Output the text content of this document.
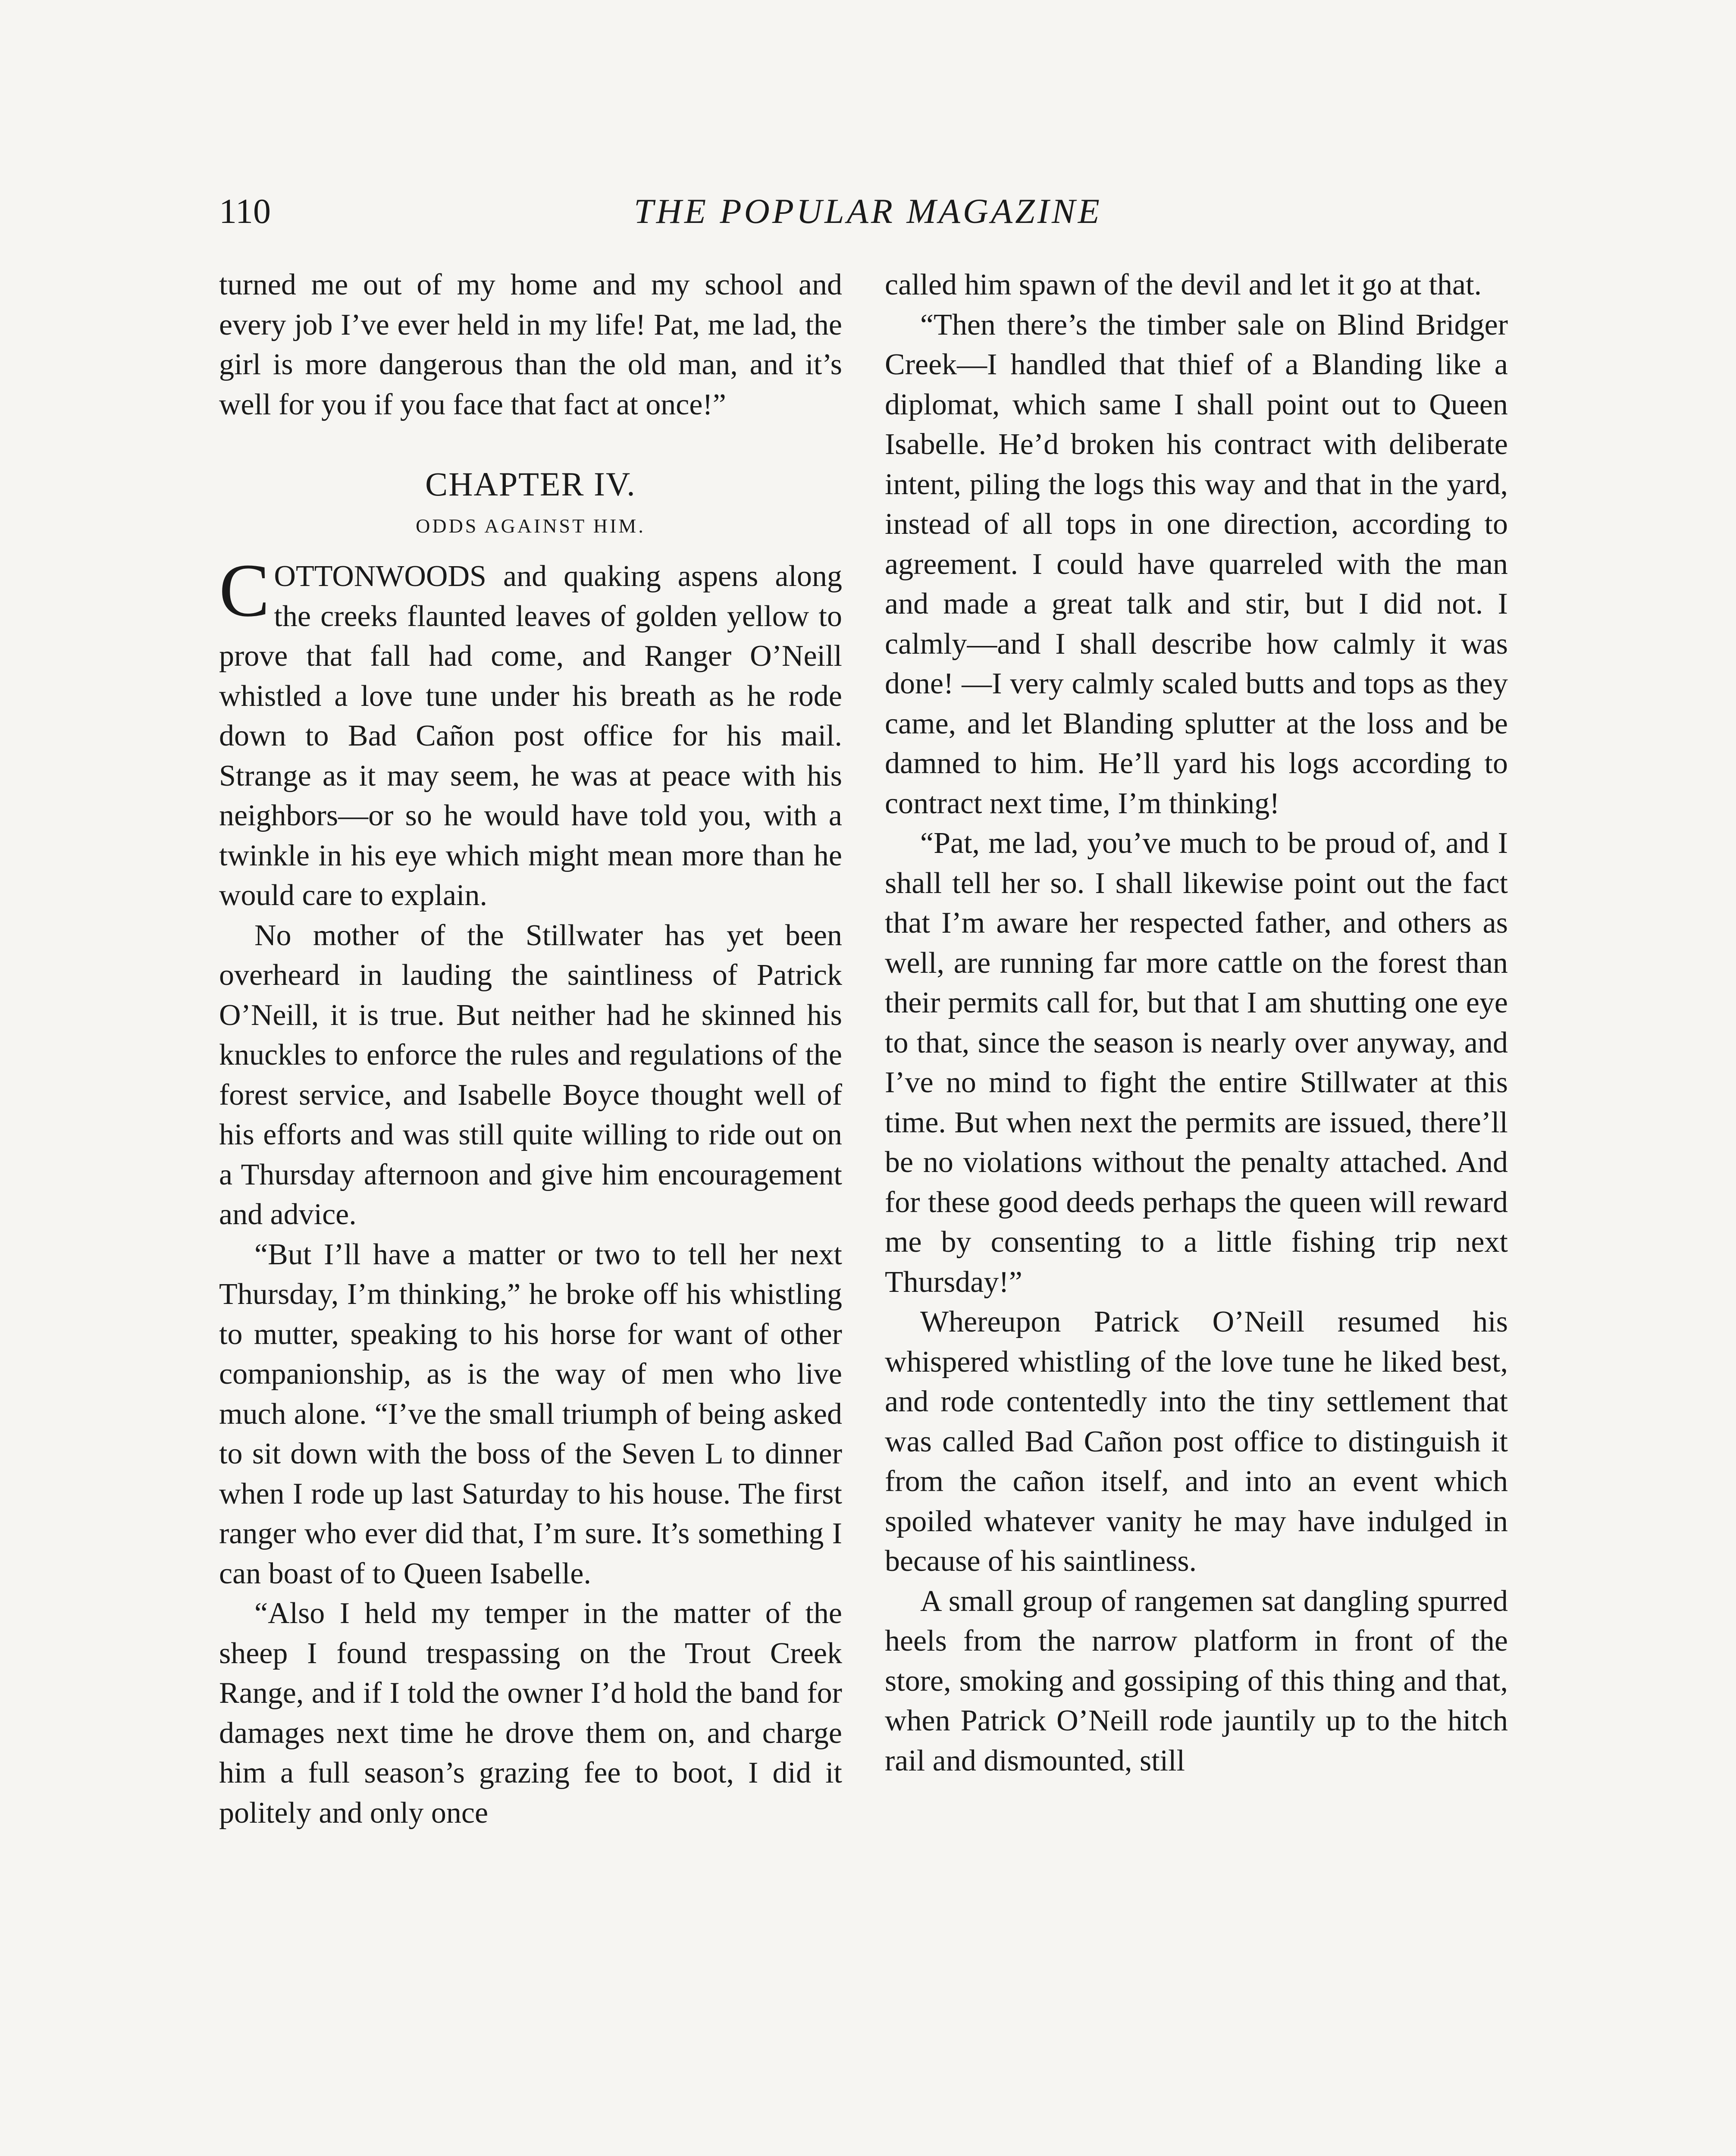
110	THE POPULAR MAGAZINE

turned me out of my home and my school and every job I’ve ever held in my life! Pat, me lad, the girl is more dangerous than the old man, and it’s well for you if you face that fact at once!”

CHAPTER IV.
ODDS AGAINST HIM.

COTTONWOODS and quaking aspens along the creeks flaunted leaves of golden yellow to prove that fall had come, and Ranger O’Neill whistled a love tune under his breath as he rode down to Bad Cañon post office for his mail. Strange as it may seem, he was at peace with his neighbors—or so he would have told you, with a twinkle in his eye which might mean more than he would care to explain.

No mother of the Stillwater has yet been overheard in lauding the saintliness of Patrick O’Neill, it is true. But neither had he skinned his knuckles to enforce the rules and regulations of the forest service, and Isabelle Boyce thought well of his efforts and was still quite willing to ride out on a Thursday afternoon and give him encouragement and advice.

“But I’ll have a matter or two to tell her next Thursday, I’m thinking,” he broke off his whistling to mutter, speaking to his horse for want of other companionship, as is the way of men who live much alone. “I’ve the small triumph of being asked to sit down with the boss of the Seven L to dinner when I rode up last Saturday to his house. The first ranger who ever did that, I’m sure. It’s something I can boast of to Queen Isabelle.

“Also I held my temper in the matter of the sheep I found trespassing on the Trout Creek Range, and if I told the owner I’d hold the band for damages next time he drove them on, and charge him a full season’s grazing fee to boot, I did it politely and only once

called him spawn of the devil and let it go at that.

“Then there’s the timber sale on Blind Bridger Creek—I handled that thief of a Blanding like a diplomat, which same I shall point out to Queen Isabelle. He’d broken his contract with deliberate intent, piling the logs this way and that in the yard, instead of all tops in one direction, according to agreement. I could have quarreled with the man and made a great talk and stir, but I did not. I calmly—and I shall describe how calmly it was done! —I very calmly scaled butts and tops as they came, and let Blanding splutter at the loss and be damned to him. He’ll yard his logs according to contract next time, I’m thinking!

“Pat, me lad, you’ve much to be proud of, and I shall tell her so. I shall likewise point out the fact that I’m aware her respected father, and others as well, are running far more cattle on the forest than their permits call for, but that I am shutting one eye to that, since the season is nearly over anyway, and I’ve no mind to fight the entire Stillwater at this time. But when next the permits are issued, there’ll be no violations without the penalty attached. And for these good deeds perhaps the queen will reward me by consenting to a little fishing trip next Thursday!”

Whereupon Patrick O’Neill resumed his whispered whistling of the love tune he liked best, and rode contentedly into the tiny settlement that was called Bad Cañon post office to distinguish it from the cañon itself, and into an event which spoiled whatever vanity he may have indulged in because of his saintliness.

A small group of rangemen sat dangling spurred heels from the narrow platform in front of the store, smoking and gossiping of this thing and that, when Patrick O’Neill rode jauntily up to the hitch rail and dismounted, still
